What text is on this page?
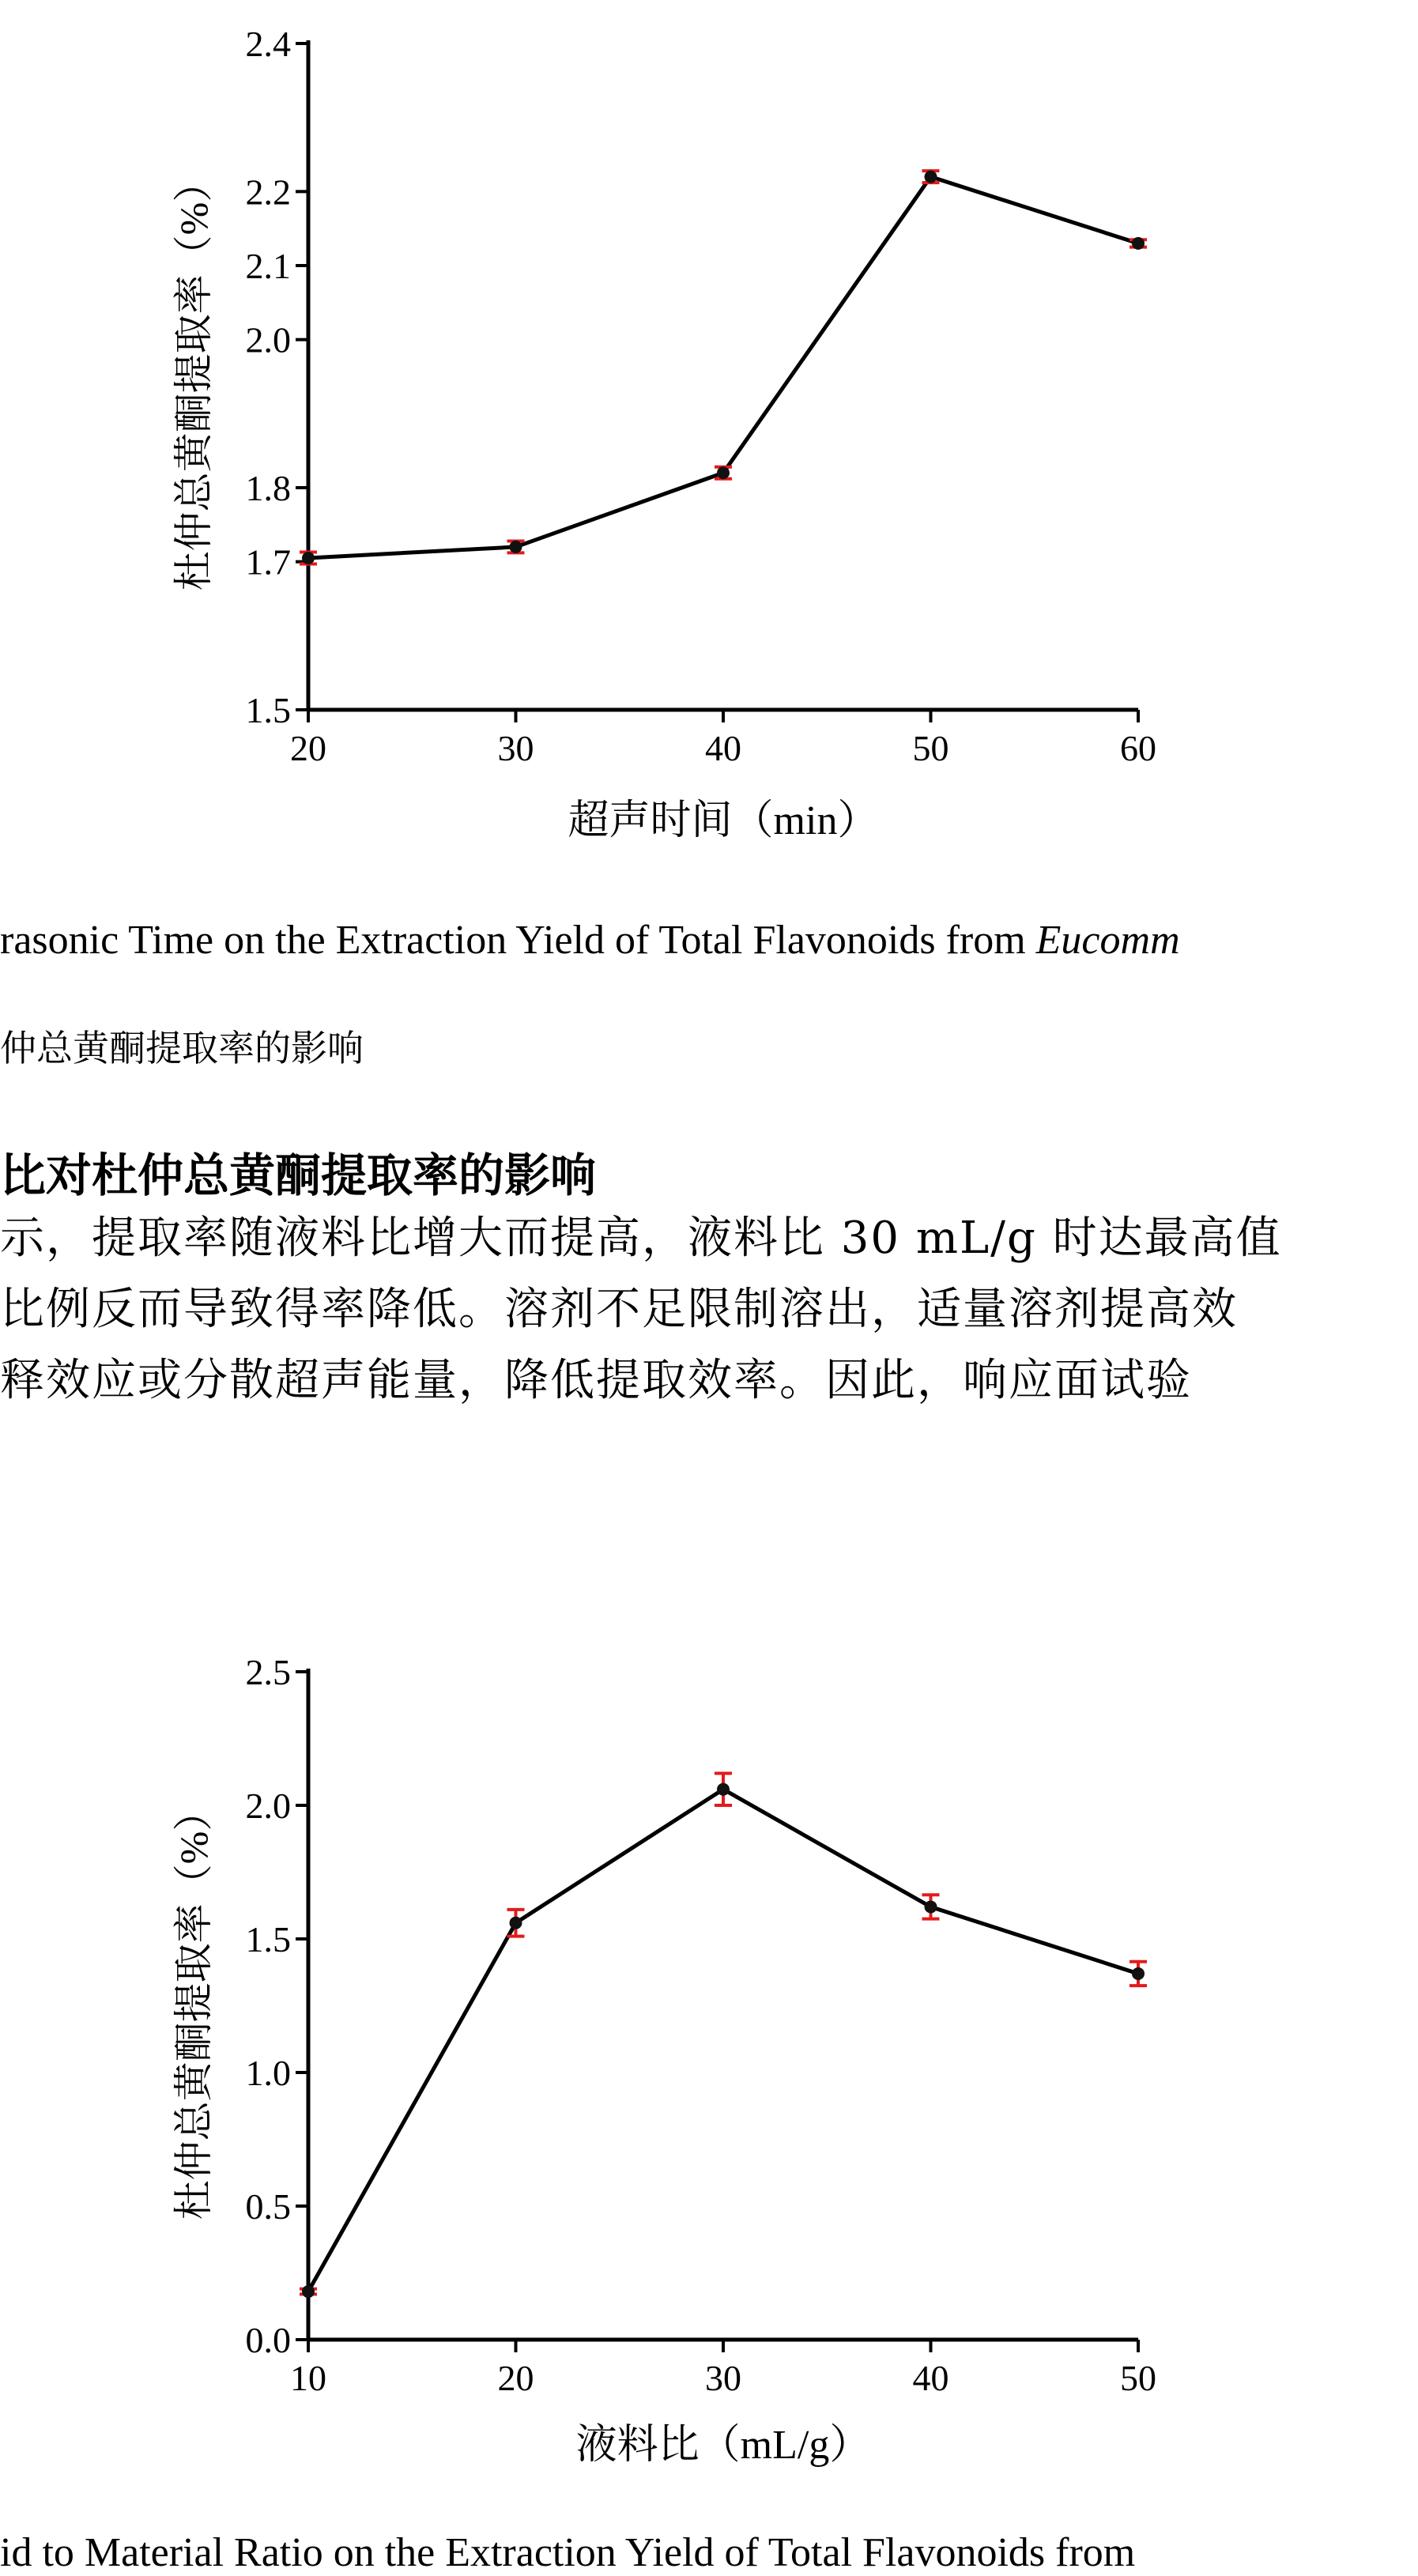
1.5
1.7
1.8
2.0
2.1
2.2
2.4
20	30	40	50	60
超声时间（min）
杜仲总黄酮提取率（%）
rasonic Time on the Extraction Yield of Total Flavonoids from Eucomm
仲总黄酮提取率的影响
比对杜仲总黄酮提取率的影响
示，提取率随液料比增大而提高，液料比 30 mL/g 时达最高值
比例反而导致得率降低。溶剂不足限制溶出，适量溶剂提高效
释效应或分散超声能量，降低提取效率。因此，响应面试验
0.0
0.5
1.0
1.5
2.0
2.5
10	20	30	40	50
液料比（mL/g）
杜仲总黄酮提取率（%）
id to Material Ratio on the Extraction Yield of Total Flavonoids from
